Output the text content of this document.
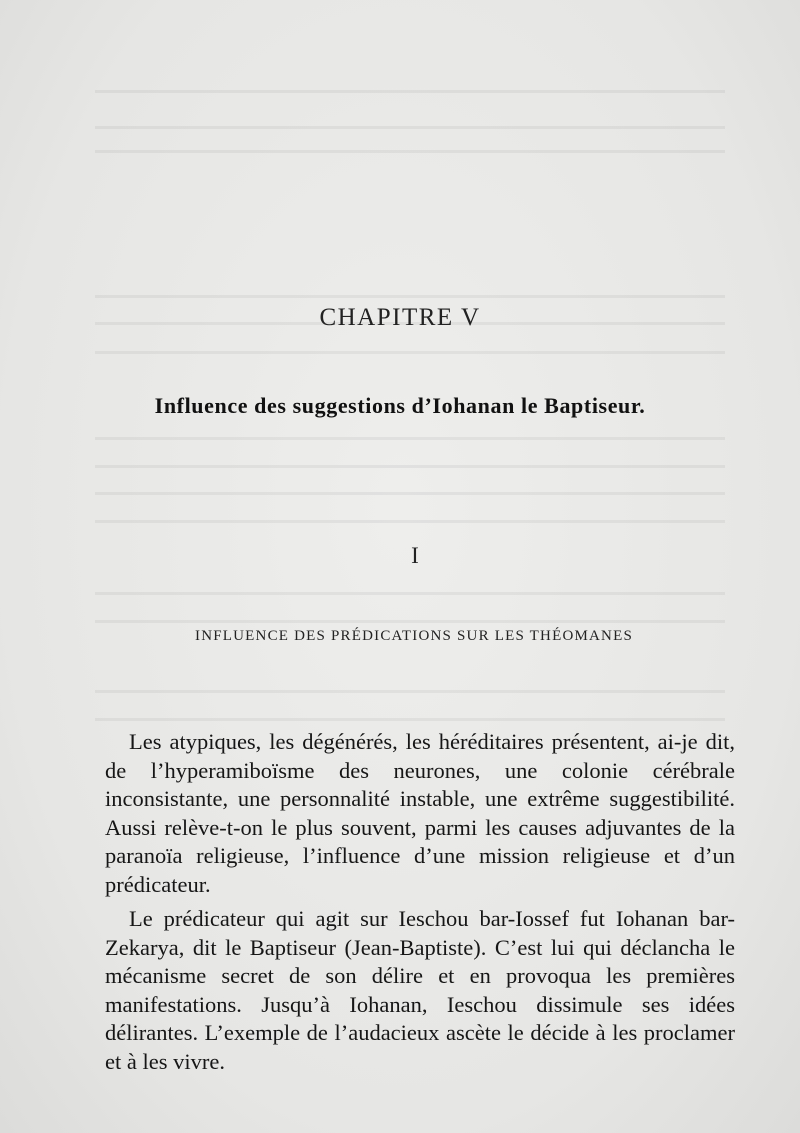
CHAPITRE V
Influence des suggestions d’Iohanan le Baptiseur.
I
INFLUENCE DES PRÉDICATIONS SUR LES THÉOMANES

Les atypiques, les dégénérés, les héréditaires présentent, ai-je dit, de l’hyperamiboïsme des neurones, une colonie cérébrale inconsistante, une personnalité instable, une extrême suggestibilité. Aussi relève-t-on le plus souvent, parmi les causes adjuvantes de la paranoïa religieuse, l’influence d’une mission religieuse et d’un prédicateur.

Le prédicateur qui agit sur Ieschou bar-Iossef fut Iohanan bar-Zekarya, dit le Baptiseur (Jean-Baptiste). C’est lui qui déclancha le mécanisme secret de son délire et en provoqua les premières manifestations. Jusqu’à Iohanan, Ieschou dissimule ses idées délirantes. L’exemple de l’audacieux ascète le décide à les proclamer et à les vivre.
